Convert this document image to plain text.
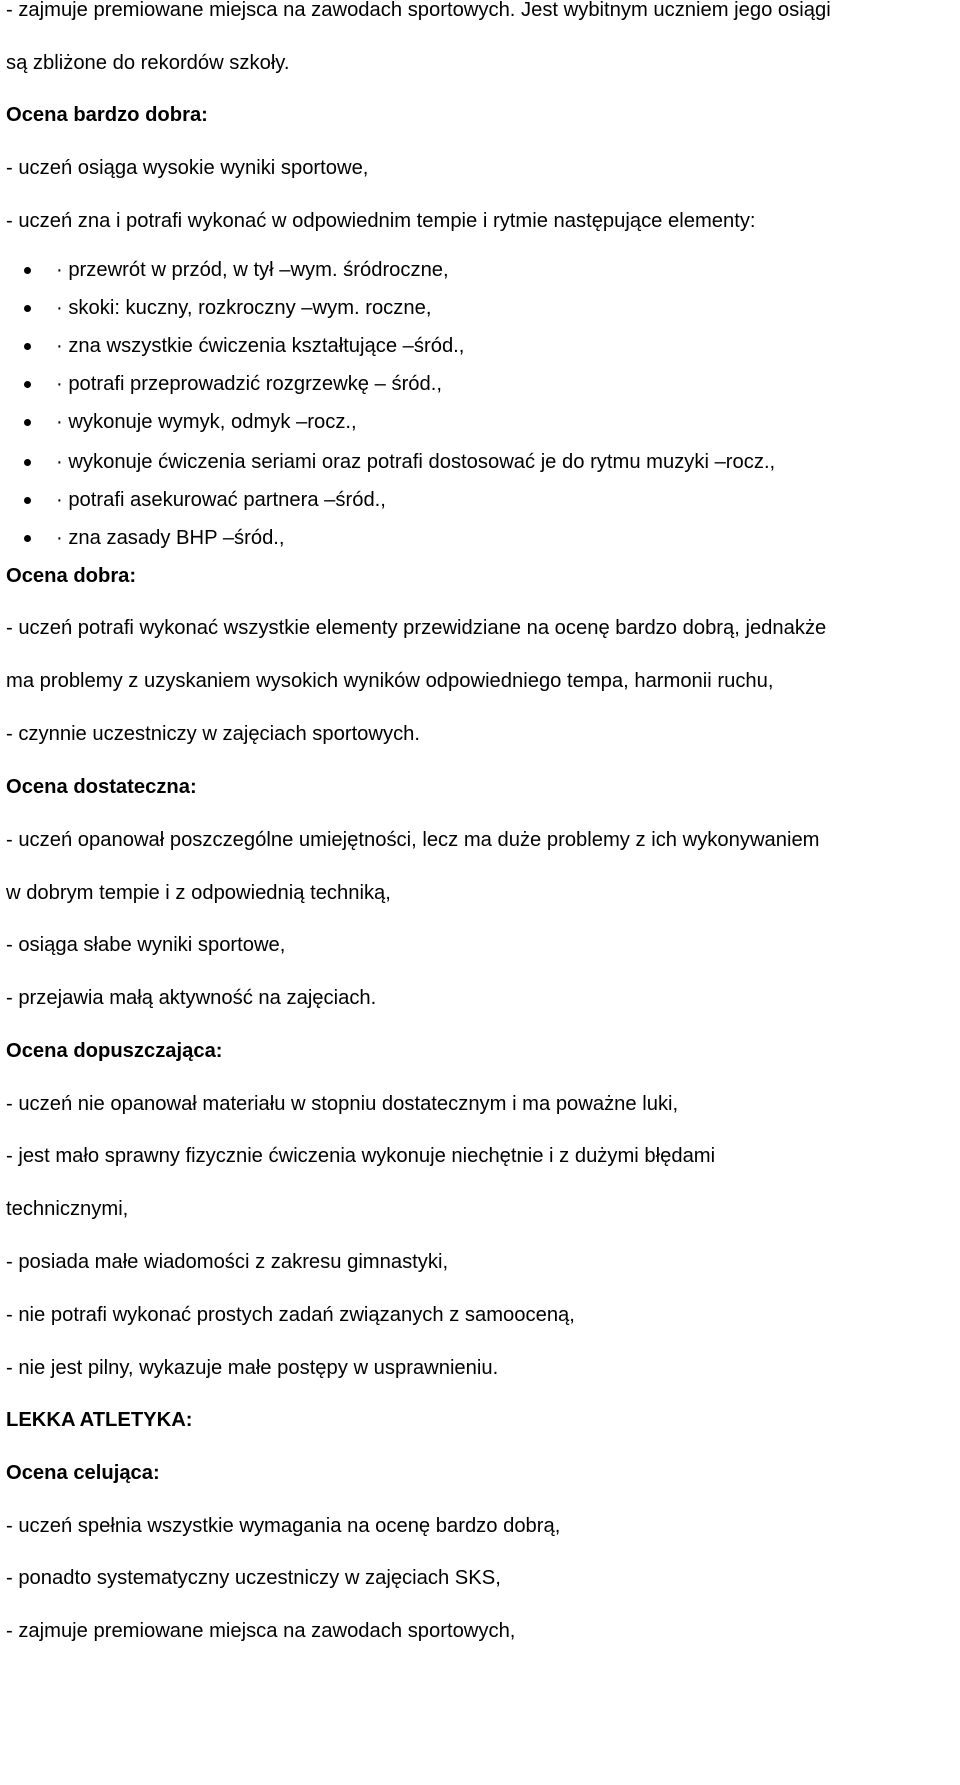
- zajmuje premiowane miejsca na zawodach sportowych. Jest wybitnym uczniem jego osiągi
są zbliżone do rekordów szkoły.
Ocena bardzo dobra:
- uczeń osiąga wysokie wyniki sportowe,
- uczeń zna i potrafi wykonać w odpowiednim tempie i rytmie następujące elementy:
· przewrót w przód, w tył –wym. śródroczne,
· skoki: kuczny, rozkroczny –wym. roczne,
· zna wszystkie ćwiczenia kształtujące –śród.,
· potrafi przeprowadzić rozgrzewkę – śród.,
· wykonuje wymyk, odmyk –rocz.,
· wykonuje ćwiczenia seriami oraz potrafi dostosować je do rytmu muzyki –rocz.,
· potrafi asekurować partnera –śród.,
· zna zasady BHP –śród.,
Ocena dobra:
- uczeń potrafi wykonać wszystkie elementy przewidziane na ocenę bardzo dobrą, jednakże
ma problemy z uzyskaniem wysokich wyników odpowiedniego tempa, harmonii ruchu,
- czynnie uczestniczy w zajęciach sportowych.
Ocena dostateczna:
- uczeń opanował poszczególne umiejętności, lecz ma duże problemy z ich wykonywaniem
w dobrym tempie i z odpowiednią techniką,
- osiąga słabe wyniki sportowe,
- przejawia małą aktywność na zajęciach.
Ocena dopuszczająca:
- uczeń nie opanował materiału w stopniu dostatecznym i ma poważne luki,
- jest mało sprawny fizycznie ćwiczenia wykonuje niechętnie i z dużymi błędami
technicznymi,
- posiada małe wiadomości z zakresu gimnastyki,
- nie potrafi wykonać prostych zadań związanych z samooceną,
- nie jest pilny, wykazuje małe postępy w usprawnieniu.
LEKKA ATLETYKA:
Ocena celująca:
- uczeń spełnia wszystkie wymagania na ocenę bardzo dobrą,
- ponadto systematyczny uczestniczy w zajęciach SKS,
- zajmuje premiowane miejsca na zawodach sportowych,
